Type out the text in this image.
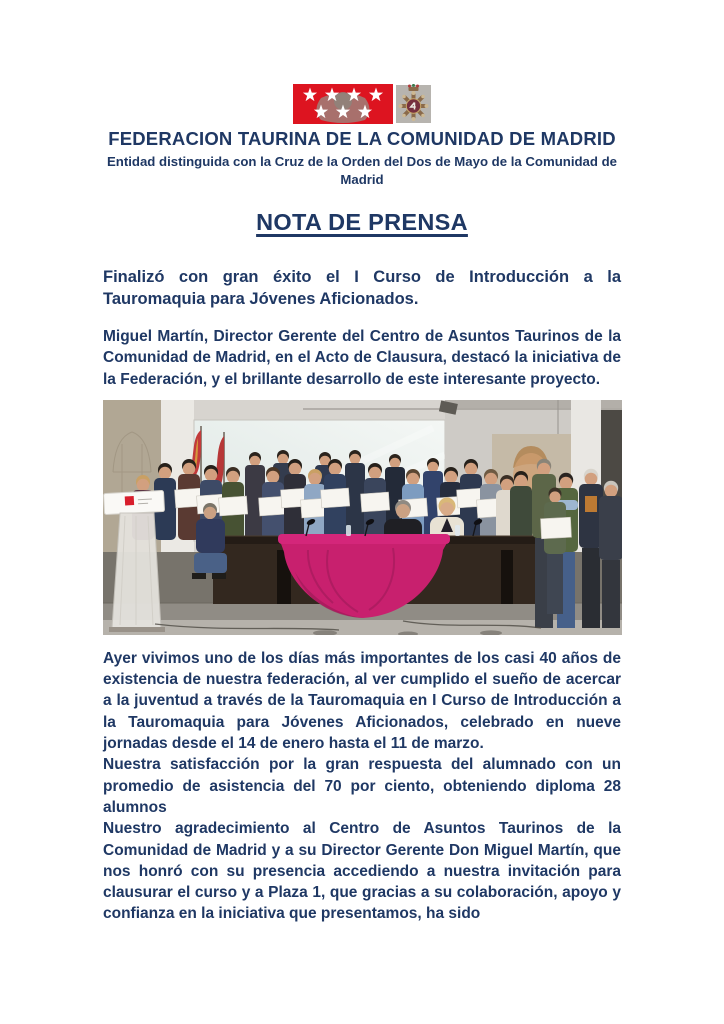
FEDERACION TAURINA DE LA COMUNIDAD DE MADRID

Entidad distinguida con la Cruz de la Orden del Dos de Mayo de la Comunidad de Madrid

NOTA DE PRENSA

Finalizó con gran éxito el I Curso de Introducción a la Tauromaquia para Jóvenes Aficionados.

Miguel Martín, Director Gerente del Centro de Asuntos Taurinos de la Comunidad de Madrid, en el Acto de Clausura, destacó la iniciativa de la Federación, y el brillante desarrollo de este interesante proyecto.

Ayer vivimos uno de los días más importantes de los casi 40 años de existencia de nuestra federación, al ver cumplido el sueño de acercar a la juventud a través de la Tauromaquia en I Curso de Introducción a la Tauromaquia para Jóvenes Aficionados, celebrado en nueve jornadas desde el 14 de enero hasta el 11 de marzo.

Nuestra satisfacción por la gran respuesta del alumnado con un promedio de asistencia del 70 por ciento, obteniendo diploma 28 alumnos

Nuestro agradecimiento al Centro de Asuntos Taurinos de la Comunidad de Madrid y a su Director Gerente Don Miguel Martín, que nos honró con su presencia accediendo a nuestra invitación para clausurar el curso y a Plaza 1, que gracias a su colaboración, apoyo y confianza en la iniciativa que presentamos, ha sido
